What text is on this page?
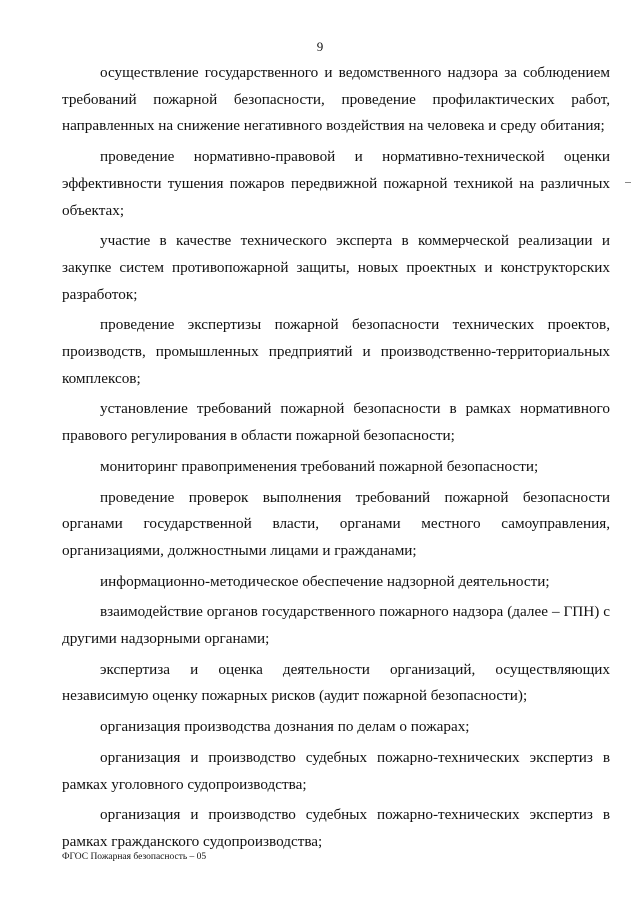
9

осуществление государственного и ведомственного надзора за соблюдением требований пожарной безопасности, проведение профилактических работ, направленных на снижение негативного воздействия на человека и среду обитания;

проведение нормативно-правовой и нормативно-технической оценки эффективности тушения пожаров передвижной пожарной техникой на различных объектах;

участие в качестве технического эксперта в коммерческой реализации и закупке систем противопожарной защиты, новых проектных и конструкторских разработок;

проведение экспертизы пожарной безопасности технических проектов, производств, промышленных предприятий и производственно-территориальных комплексов;

установление требований пожарной безопасности в рамках нормативного правового регулирования в области пожарной безопасности;

мониторинг правоприменения требований пожарной безопасности;

проведение проверок выполнения требований пожарной безопасности органами государственной власти, органами местного самоуправления, организациями, должностными лицами и гражданами;

информационно-методическое обеспечение надзорной деятельности;

взаимодействие органов государственного пожарного надзора (далее – ГПН) с другими надзорными органами;

экспертиза и оценка деятельности организаций, осуществляющих независимую оценку пожарных рисков (аудит пожарной безопасности);

организация производства дознания по делам о пожарах;

организация и производство судебных пожарно-технических экспертиз в рамках уголовного судопроизводства;

организация и производство судебных пожарно-технических экспертиз в рамках гражданского судопроизводства;

ФГОС Пожарная безопасность – 05
